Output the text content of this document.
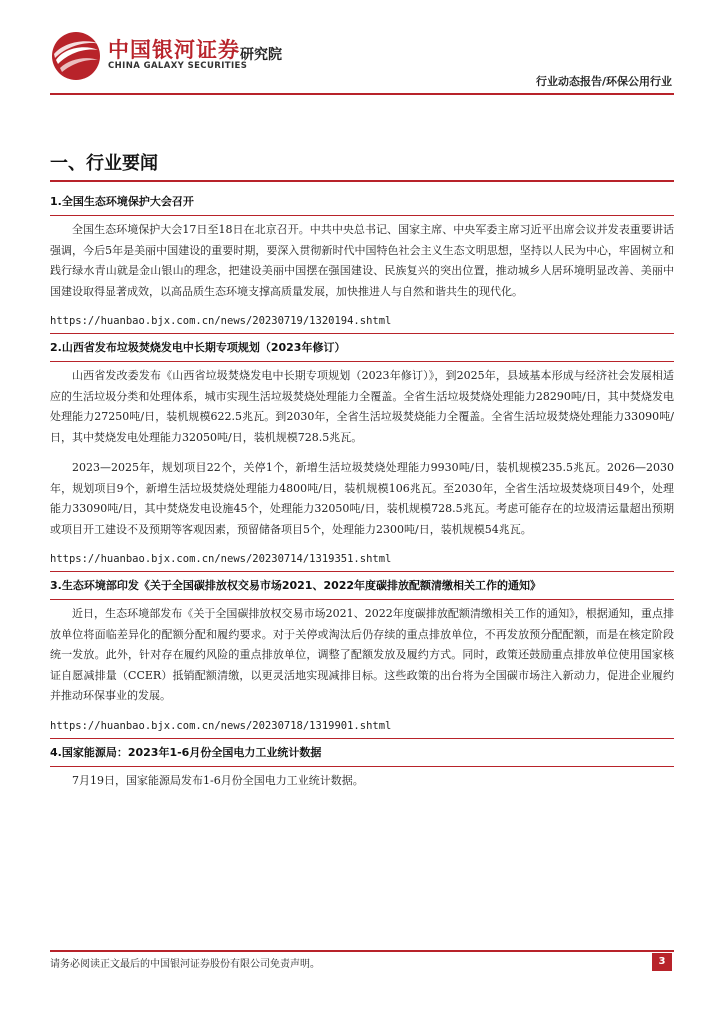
中国银河证券
CHINA GALAXY SECURITIES
研究院
行业动态报告/环保公用行业
一、行业要闻
1.全国生态环境保护大会召开

全国生态环境保护大会17日至18日在北京召开。中共中央总书记、国家主席、中央军委主席习近平出席会议并发表重要讲话强调，今后5年是美丽中国建设的重要时期，要深入贯彻新时代中国特色社会主义生态文明思想，坚持以人民为中心，牢固树立和践行绿水青山就是金山银山的理念，把建设美丽中国摆在强国建设、民族复兴的突出位置，推动城乡人居环境明显改善、美丽中国建设取得显著成效，以高品质生态环境支撑高质量发展，加快推进人与自然和谐共生的现代化。

https://huanbao.bjx.com.cn/news/20230719/1320194.shtml
2.山西省发布垃圾焚烧发电中长期专项规划（2023年修订）

山西省发改委发布《山西省垃圾焚烧发电中长期专项规划（2023年修订）》，到2025年，县域基本形成与经济社会发展相适应的生活垃圾分类和处理体系，城市实现生活垃圾焚烧处理能力全覆盖。全省生活垃圾焚烧处理能力28290吨/日，其中焚烧发电处理能力27250吨/日，装机规模622.5兆瓦。到2030年，全省生活垃圾焚烧能力全覆盖。全省生活垃圾焚烧处理能力33090吨/日，其中焚烧发电处理能力32050吨/日，装机规模728.5兆瓦。

2023—2025年，规划项目22个，关停1个，新增生活垃圾焚烧处理能力9930吨/日，装机规模235.5兆瓦。2026—2030年，规划项目9个，新增生活垃圾焚烧处理能力4800吨/日，装机规模106兆瓦。至2030年，全省生活垃圾焚烧项目49个，处理能力33090吨/日，其中焚烧发电设施45个，处理能力32050吨/日，装机规模728.5兆瓦。考虑可能存在的垃圾清运量超出预期或项目开工建设不及预期等客观因素，预留储备项目5个，处理能力2300吨/日，装机规模54兆瓦。

https://huanbao.bjx.com.cn/news/20230714/1319351.shtml
3.生态环境部印发《关于全国碳排放权交易市场2021、2022年度碳排放配额清缴相关工作的通知》

近日，生态环境部发布《关于全国碳排放权交易市场2021、2022年度碳排放配额清缴相关工作的通知》，根据通知，重点排放单位将面临差异化的配额分配和履约要求。对于关停或淘汰后仍存续的重点排放单位，不再发放预分配配额，而是在核定阶段统一发放。此外，针对存在履约风险的重点排放单位，调整了配额发放及履约方式。同时，政策还鼓励重点排放单位使用国家核证自愿减排量（CCER）抵销配额清缴，以更灵活地实现减排目标。这些政策的出台将为全国碳市场注入新动力，促进企业履约并推动环保事业的发展。

https://huanbao.bjx.com.cn/news/20230718/1319901.shtml
4.国家能源局：2023年1-6月份全国电力工业统计数据

7月19日，国家能源局发布1-6月份全国电力工业统计数据。

请务必阅读正文最后的中国银河证券股份有限公司免责声明。	3
